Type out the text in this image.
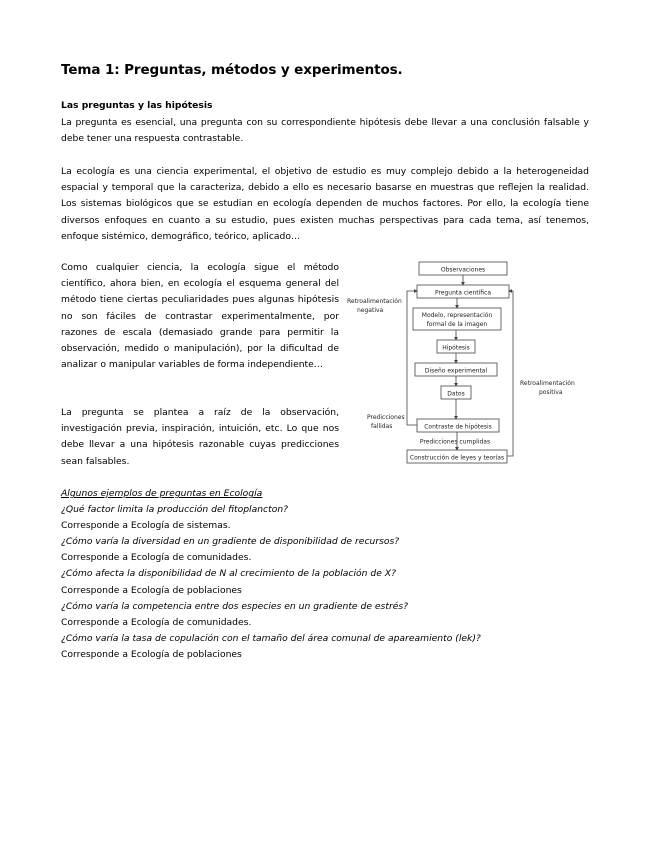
Tema 1: Preguntas, métodos y experimentos.
Las preguntas y las hipótesis
La pregunta es esencial, una pregunta con su correspondiente hipótesis debe llevar a una conclusión falsable y debe tener una respuesta contrastable.
La ecología es una ciencia experimental, el objetivo de estudio es muy complejo debido a la heterogeneidad espacial y temporal que la caracteriza, debido a ello es necesario basarse en muestras que reflejen la realidad. Los sistemas biológicos que se estudian en ecología dependen de muchos factores. Por ello, la ecología tiene diversos enfoques en cuanto a su estudio, pues existen muchas perspectivas para cada tema, así tenemos, enfoque sistémico, demográfico, teórico, aplicado…
Como cualquier ciencia, la ecología sigue el método científico, ahora bien, en ecología el esquema general del método tiene ciertas peculiaridades pues algunas hipótesis no son fáciles de contrastar experimentalmente, por razones de escala (demasiado grande para permitir la observación, medido o manipulación), por la dificultad de analizar o manipular variables de forma independiente…
La pregunta se plantea a raíz de la observación, investigación previa, inspiración, intuición, etc. Lo que nos debe llevar a una hipótesis razonable cuyas predicciones sean falsables.
Observaciones
Pregunta científica
Modelo, representación
formal de la imagen
Hipótesis
Diseño experimental
Datos
Contraste de hipótesis
Predicciones cumplidas
Construcción de leyes y teorías
Retroalimentación
negativa
Predicciones
fallidas
Retroalimentación
positiva
Algunos ejemplos de preguntas en Ecología
¿Qué factor limita la producción del fitoplancton?
Corresponde a Ecología de sistemas.
¿Cómo varía la diversidad en un gradiente de disponibilidad de recursos?
Corresponde a Ecología de comunidades.
¿Cómo afecta la disponibilidad de N al crecimiento de la población de X?
Corresponde a Ecología de poblaciones
¿Cómo varía la competencia entre dos especies en un gradiente de estrés?
Corresponde a Ecología de comunidades.
¿Cómo varía la tasa de copulación con el tamaño del área comunal de apareamiento (lek)?
Corresponde a Ecología de poblaciones
